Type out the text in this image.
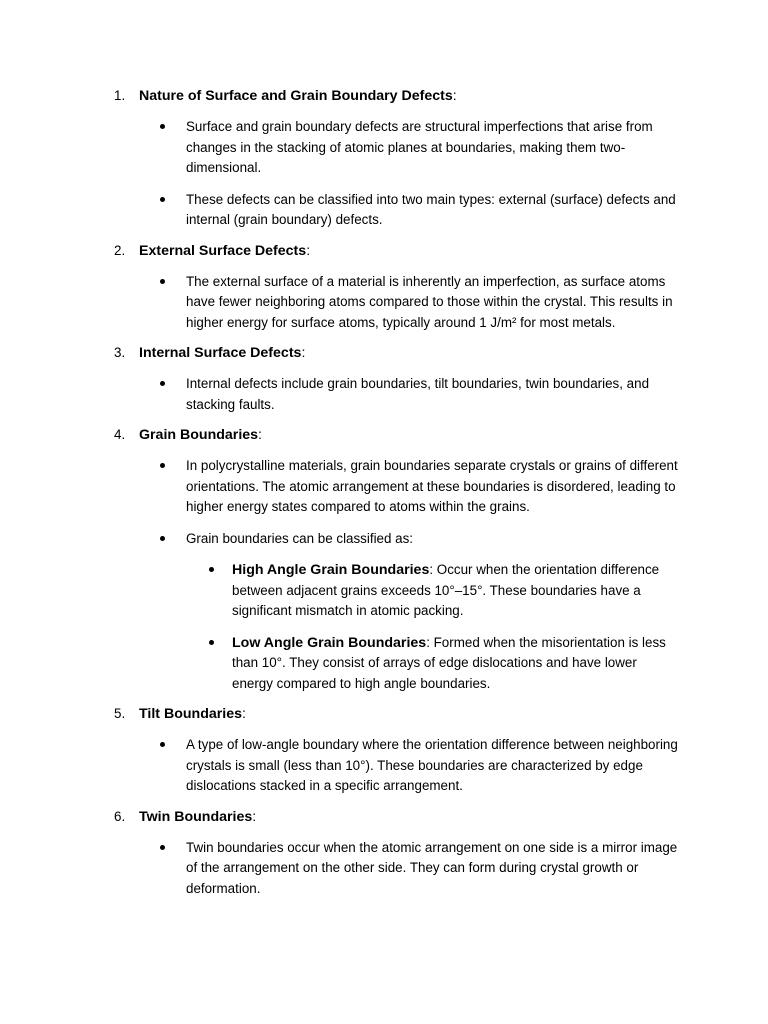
1. Nature of Surface and Grain Boundary Defects:
Surface and grain boundary defects are structural imperfections that arise from changes in the stacking of atomic planes at boundaries, making them two-dimensional.
These defects can be classified into two main types: external (surface) defects and internal (grain boundary) defects.
2. External Surface Defects:
The external surface of a material is inherently an imperfection, as surface atoms have fewer neighboring atoms compared to those within the crystal. This results in higher energy for surface atoms, typically around 1 J/m² for most metals.
3. Internal Surface Defects:
Internal defects include grain boundaries, tilt boundaries, twin boundaries, and stacking faults.
4. Grain Boundaries:
In polycrystalline materials, grain boundaries separate crystals or grains of different orientations. The atomic arrangement at these boundaries is disordered, leading to higher energy states compared to atoms within the grains.
Grain boundaries can be classified as:
High Angle Grain Boundaries: Occur when the orientation difference between adjacent grains exceeds 10°–15°. These boundaries have a significant mismatch in atomic packing.
Low Angle Grain Boundaries: Formed when the misorientation is less than 10°. They consist of arrays of edge dislocations and have lower energy compared to high angle boundaries.
5. Tilt Boundaries:
A type of low-angle boundary where the orientation difference between neighboring crystals is small (less than 10°). These boundaries are characterized by edge dislocations stacked in a specific arrangement.
6. Twin Boundaries:
Twin boundaries occur when the atomic arrangement on one side is a mirror image of the arrangement on the other side. They can form during crystal growth or deformation.
